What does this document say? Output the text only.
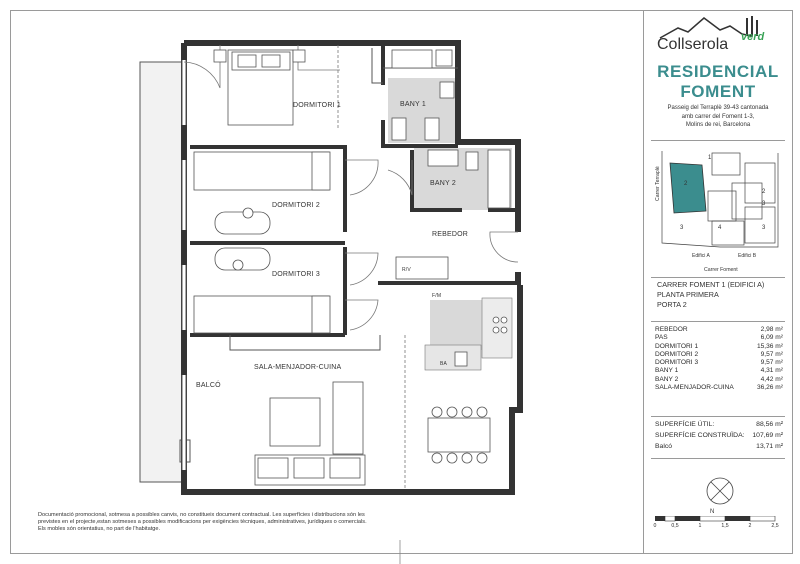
DORMITORI 1	BANY 1
BANY 2
DORMITORI 2
REBEDOR
DORMITORI 3
R/V
F/M
BA
SALA-MENJADOR-CUINA
BALCÓ
Documentació promocional, sotmesa a possibles canvis, no constitueix document contractual. Les superfícies i distribucions són les
previstes en el projecte,estan sotmeses a possibles modificacions per exigències tècniques, administratives, jurídiques o comercials.
Els mobles són orientatius, no part de l'habitatge.
Collserola verd
RESIDENCIAL
FOMENT
Passeig del Terraplè 39-43 cantonada
amb carrer del Foment 1-3,
Molins de rei, Barcelona
Carrer Terraplè
1
2
3	4	3
2
3
Edifici A	Edifici B
Carrer Foment
CARRER FOMENT 1 (EDIFICI A)
PLANTA PRIMERA
PORTA 2
REBEDOR	2,98 m²
PAS	6,09 m²
DORMITORI 1	15,36 m²
DORMITORI 2	9,57 m²
DORMITORI 3	9,57 m²
BANY 1	4,31 m²
BANY 2	4,42 m²
SALA-MENJADOR-CUINA	36,26 m²
SUPERFÍCIE ÚTIL:	88,56 m²
SUPERFÍCIE CONSTRUÏDA: 107,69 m²
Balcó	13,71 m²
N
0	0,5	1	1,5	2	2,5
